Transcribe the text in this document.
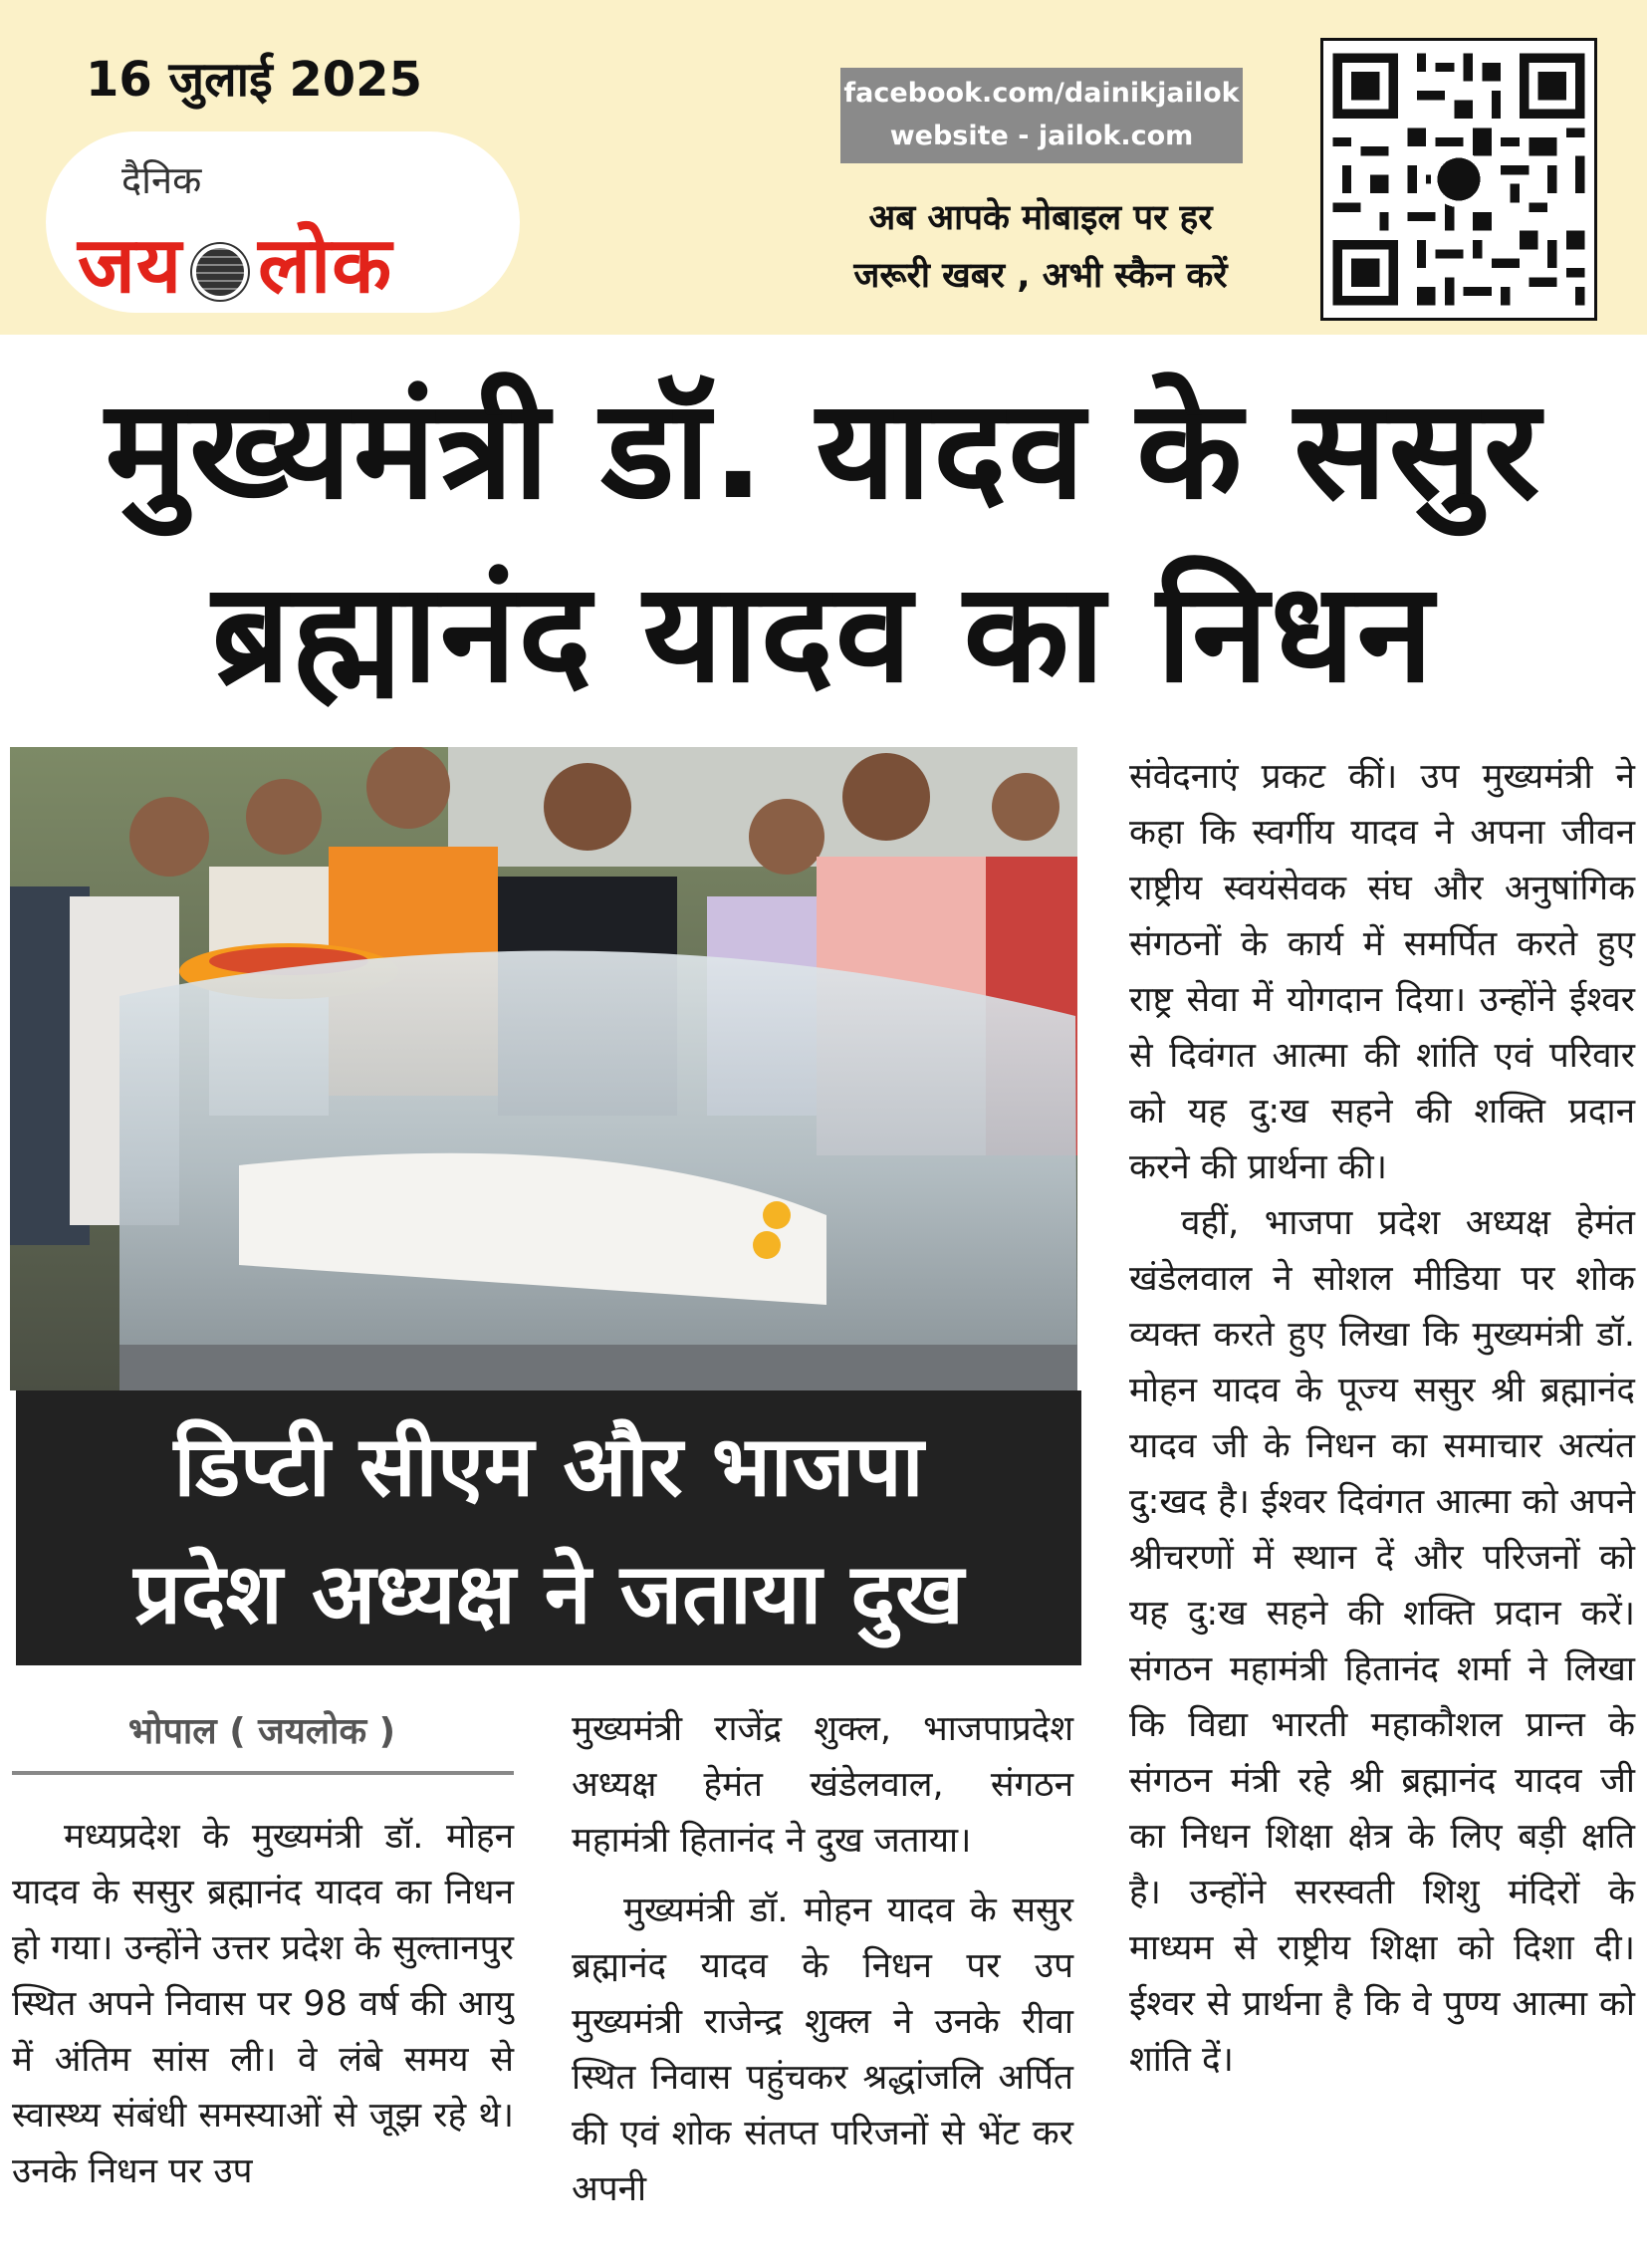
16 जुलाई 2025
दैनिक
जय लोक
facebook.com/dainikjailok
website - jailok.com
अब आपके मोबाइल पर हर
जरूरी खबर , अभी स्कैन करें
मुख्यमंत्री डॉ. यादव के ससुर
ब्रह्मानंद यादव का निधन
डिप्टी सीएम और भाजपा
प्रदेश अध्यक्ष ने जताया दुख
भोपाल ( जयलोक )

मध्यप्रदेश के मुख्यमंत्री डॉ. मोहन यादव के ससुर ब्रह्मानंद यादव का निधन हो गया। उन्होंने उत्तर प्रदेश के सुल्तानपुर स्थित अपने निवास पर 98 वर्ष की आयु में अंतिम सांस ली। वे लंबे समय से स्वास्थ्य संबंधी समस्याओं से जूझ रहे थे। उनके निधन पर उप

मुख्यमंत्री राजेंद्र शुक्ल, भाजपाप्रदेश अध्यक्ष हेमंत खंडेलवाल, संगठन महामंत्री हितानंद ने दुख जताया।

मुख्यमंत्री डॉ. मोहन यादव के ससुर ब्रह्मानंद यादव के निधन पर उप मुख्यमंत्री राजेन्द्र शुक्ल ने उनके रीवा स्थित निवास पहुंचकर श्रद्धांजलि अर्पित की एवं शोक संतप्त परिजनों से भेंट कर अपनी

संवेदनाएं प्रकट कीं। उप मुख्यमंत्री ने कहा कि स्वर्गीय यादव ने अपना जीवन राष्ट्रीय स्वयंसेवक संघ और अनुषांगिक संगठनों के कार्य में समर्पित करते हुए राष्ट्र सेवा में योगदान दिया। उन्होंने ईश्वर से दिवंगत आत्मा की शांति एवं परिवार को यह दु:ख सहने की शक्ति प्रदान करने की प्रार्थना की।

वहीं, भाजपा प्रदेश अध्यक्ष हेमंत खंडेलवाल ने सोशल मीडिया पर शोक व्यक्त करते हुए लिखा कि मुख्यमंत्री डॉ. मोहन यादव के पूज्य ससुर श्री ब्रह्मानंद यादव जी के निधन का समाचार अत्यंत दु:खद है। ईश्वर दिवंगत आत्मा को अपने श्रीचरणों में स्थान दें और परिजनों को यह दु:ख सहने की शक्ति प्रदान करें। संगठन महामंत्री हितानंद शर्मा ने लिखा कि विद्या भारती महाकौशल प्रान्त के संगठन मंत्री रहे श्री ब्रह्मानंद यादव जी का निधन शिक्षा क्षेत्र के लिए बड़ी क्षति है। उन्होंने सरस्वती शिशु मंदिरों के माध्यम से राष्ट्रीय शिक्षा को दिशा दी। ईश्वर से प्रार्थना है कि वे पुण्य आत्मा को शांति दें।
